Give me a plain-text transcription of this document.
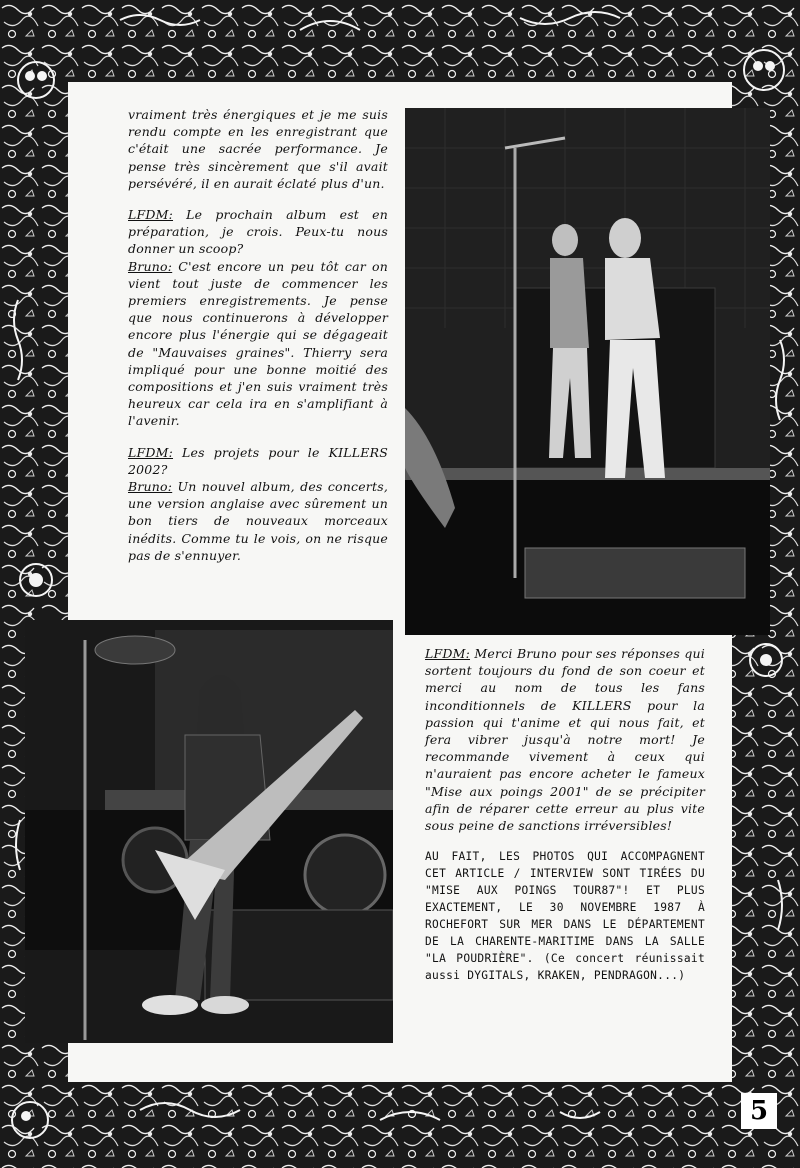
vraiment très énergiques et je me suis rendu compte en les enregistrant que c'était une sacrée performance. Je pense très sincèrement que s'il avait persévéré, il en aurait éclaté plus d'un.

LFDM: Le prochain album est en préparation, je crois. Peux-tu nous donner un scoop?
Bruno: C'est encore un peu tôt car on vient tout juste de commencer les premiers enregistrements. Je pense que nous continuerons à développer encore plus l'énergie qui se dégageait de "Mauvaises graines". Thierry sera impliqué pour une bonne moitié des compositions et j'en suis vraiment très heureux car cela ira en s'amplifiant à l'avenir.

LFDM: Les projets pour le KILLERS 2002?
Bruno: Un nouvel album, des concerts, une version anglaise avec sûrement un bon tiers de nouveaux morceaux inédits. Comme tu le vois, on ne risque pas de s'ennuyer.

LFDM: Merci Bruno pour ses réponses qui sortent toujours du fond de son coeur et merci au nom de tous les fans inconditionnels de KILLERS pour la passion qui t'anime et qui nous fait, et fera vibrer jusqu'à notre mort! Je recommande vivement à ceux qui n'auraient pas encore acheter le fameux "Mise aux poings 2001" de se précipiter afin de réparer cette erreur au plus vite sous peine de sanctions irréversibles!

AU FAIT, LES PHOTOS QUI ACCOMPAGNENT CET ARTICLE / INTERVIEW SONT TIRÉES DU "MISE AUX POINGS TOUR87"! ET PLUS EXACTEMENT, LE 30 NOVEMBRE 1987 À ROCHEFORT SUR MER DANS LE DÉPARTEMENT DE LA CHARENTE-MARITIME DANS LA SALLE "LA POUDRIÈRE". (Ce concert réunissait aussi DYGITALS, KRAKEN, PENDRAGON...)

5
